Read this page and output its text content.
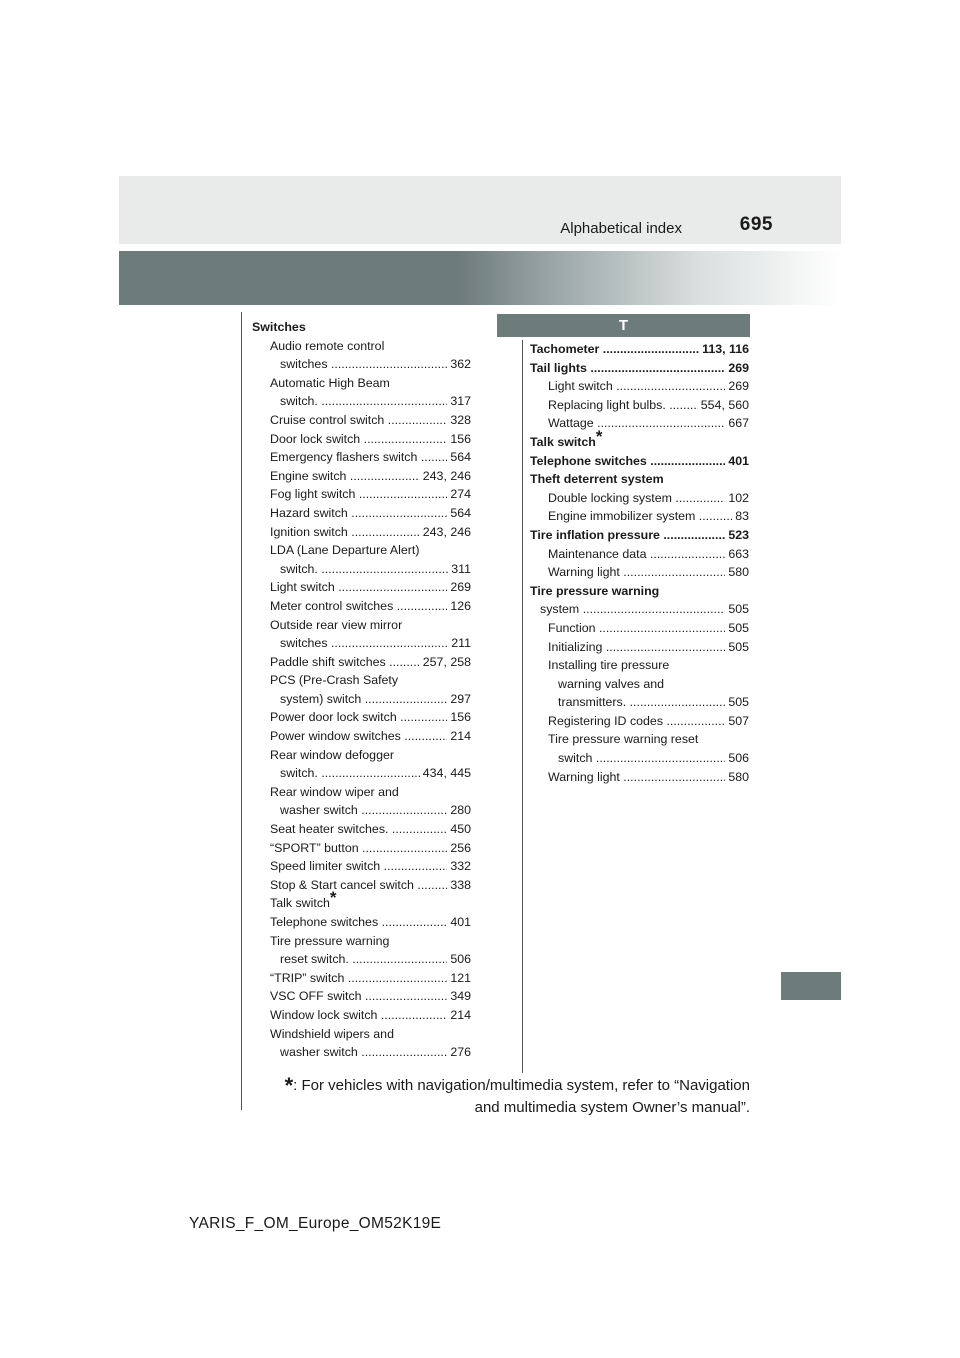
Alphabetical index	695
Switches
Audio remote control
switches .....	362
Automatic High Beam
switch. .....	317
Cruise control switch .....	328
Door lock switch .....	156
Emergency flashers switch .....	564
Engine switch .....	243, 246
Fog light switch .....	274
Hazard switch .....	564
Ignition switch .....	243, 246
LDA (Lane Departure Alert)
switch. .....	311
Light switch .....	269
Meter control switches .....	126
Outside rear view mirror
switches .....	211
Paddle shift switches .....	257, 258
PCS (Pre-Crash Safety
system) switch .....	297
Power door lock switch .....	156
Power window switches .....	214
Rear window defogger
switch. .....	434, 445
Rear window wiper and
washer switch .....	280
Seat heater switches. .....	450
“SPORT” button .....	256
Speed limiter switch .....	332
Stop & Start cancel switch .....	338
Talk switch*
Telephone switches .....	401
Tire pressure warning
reset switch. .....	506
“TRIP” switch .....	121
VSC OFF switch .....	349
Window lock switch .....	214
Windshield wipers and
washer switch .....	276
T
Tachometer .....	113, 116
Tail lights .....	269
Light switch .....	269
Replacing light bulbs. .....	554, 560
Wattage .....	667
Talk switch*
Telephone switches .....	401
Theft deterrent system
Double locking system .....	102
Engine immobilizer system .....	83
Tire inflation pressure .....	523
Maintenance data .....	663
Warning light .....	580
Tire pressure warning
system .....	505
Function .....	505
Initializing .....	505
Installing tire pressure
warning valves and
transmitters. .....	505
Registering ID codes .....	507
Tire pressure warning reset
switch .....	506
Warning light .....	580
*: For vehicles with navigation/multimedia system, refer to “Navigation
and multimedia system Owner’s manual”.
YARIS_F_OM_Europe_OM52K19E
